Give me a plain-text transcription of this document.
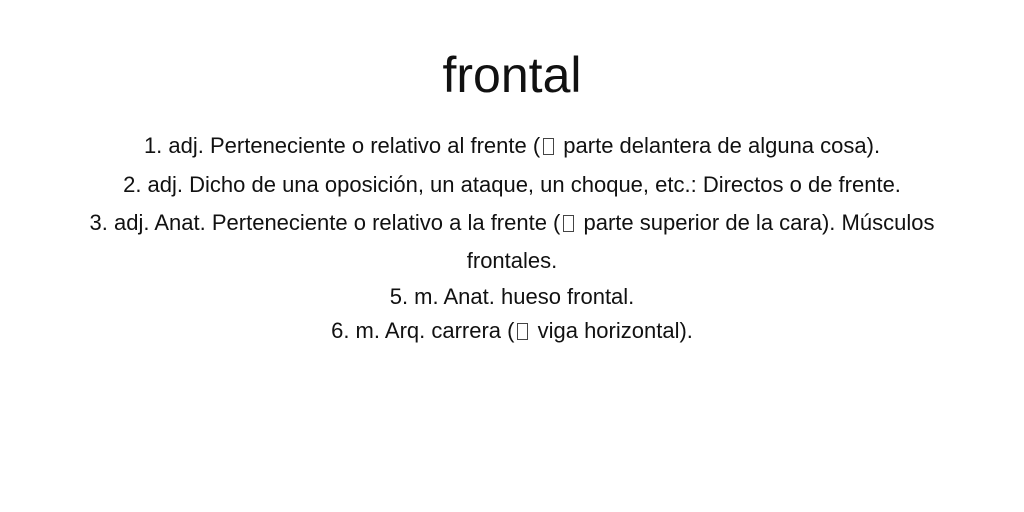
frontal

1. adj. Perteneciente o relativo al frente ( parte delantera de alguna cosa).

2. adj. Dicho de una oposición, un ataque, un choque, etc.: Directos o de frente.

3. adj. Anat. Perteneciente o relativo a la frente ( parte superior de la cara). Músculos frontales.

5. m. Anat. hueso frontal.

6. m. Arq. carrera ( viga horizontal).
